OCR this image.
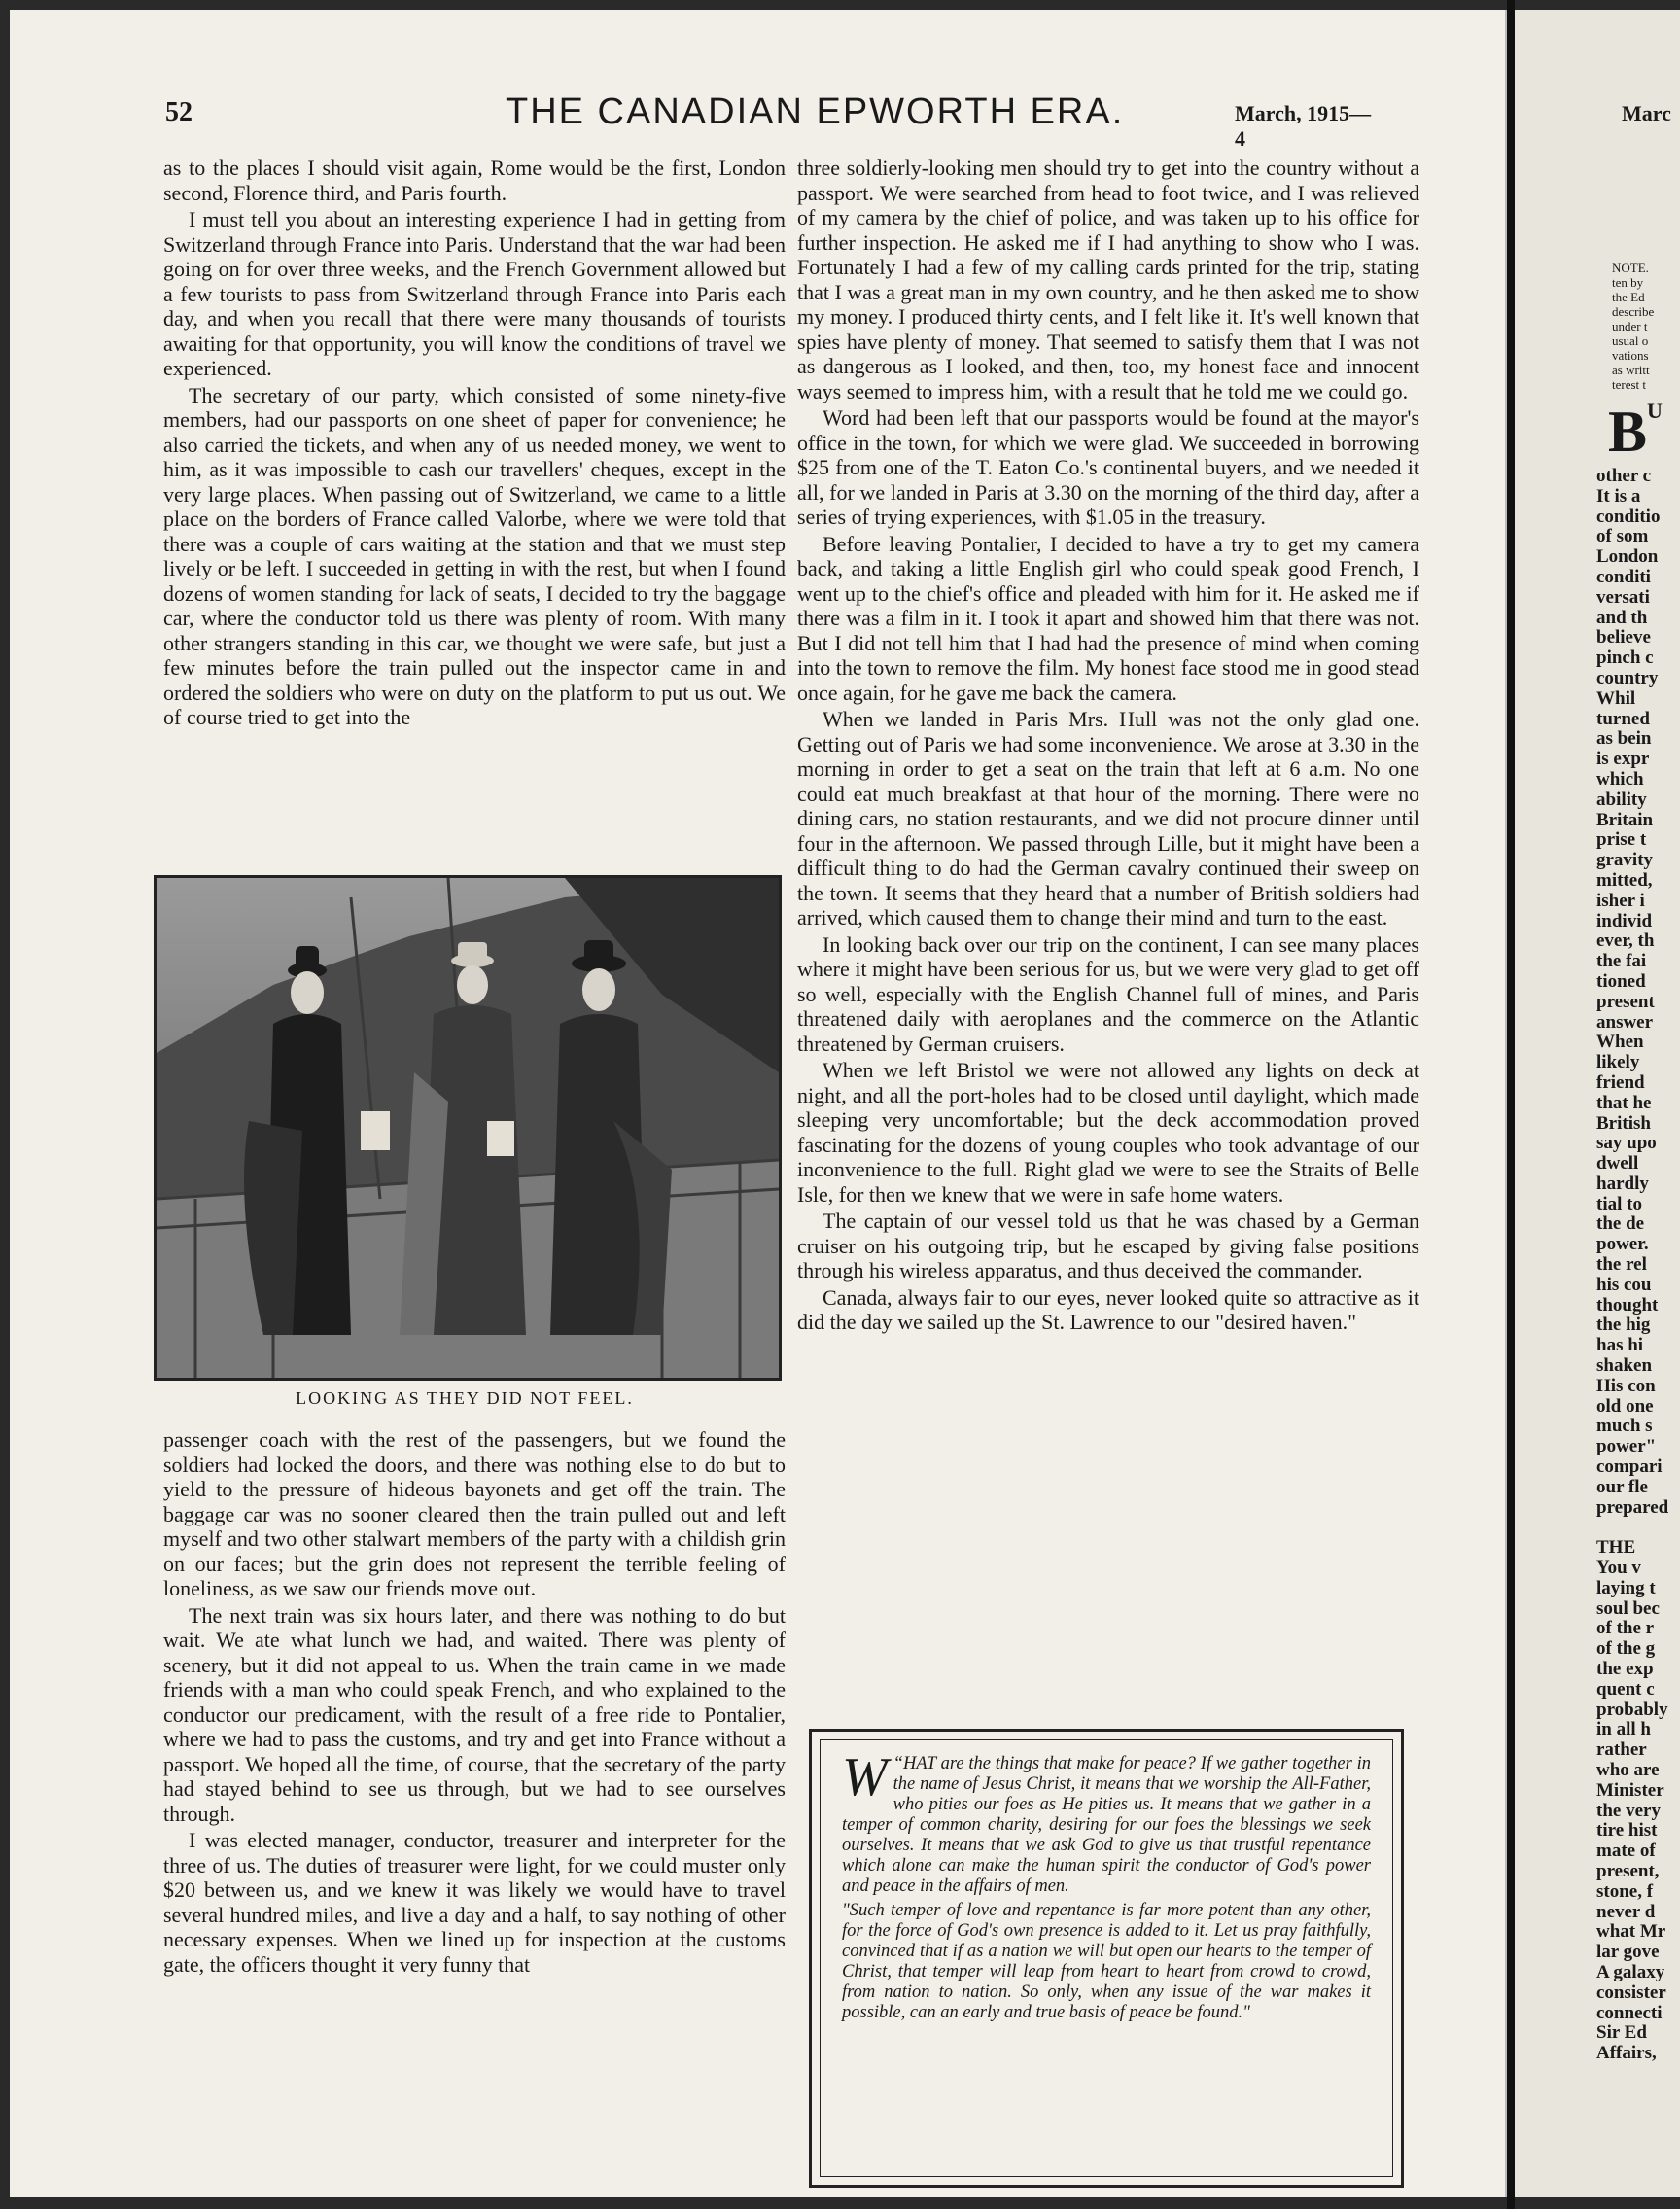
52	THE CANADIAN EPWORTH ERA.	March, 1915—4

as to the places I should visit again, Rome would be the first, London second, Florence third, and Paris fourth.

I must tell you about an interesting experience I had in getting from Switzerland through France into Paris. Understand that the war had been going on for over three weeks, and the French Government allowed but a few tourists to pass from Switzerland through France into Paris each day, and when you recall that there were many thousands of tourists awaiting for that opportunity, you will know the conditions of travel we experienced.

The secretary of our party, which consisted of some ninety-five members, had our passports on one sheet of paper for convenience; he also carried the tickets, and when any of us needed money, we went to him, as it was impossible to cash our travellers' cheques, except in the very large places. When passing out of Switzerland, we came to a little place on the borders of France called Valorbe, where we were told that there was a couple of cars waiting at the station and that we must step lively or be left. I succeeded in getting in with the rest, but when I found dozens of women standing for lack of seats, I decided to try the baggage car, where the conductor told us there was plenty of room. With many other strangers standing in this car, we thought we were safe, but just a few minutes before the train pulled out the inspector came in and ordered the soldiers who were on duty on the platform to put us out. We of course tried to get into the

LOOKING AS THEY DID NOT FEEL.

passenger coach with the rest of the passengers, but we found the soldiers had locked the doors, and there was nothing else to do but to yield to the pressure of hideous bayonets and get off the train. The baggage car was no sooner cleared then the train pulled out and left myself and two other stalwart members of the party with a childish grin on our faces; but the grin does not represent the terrible feeling of loneliness, as we saw our friends move out.

The next train was six hours later, and there was nothing to do but wait. We ate what lunch we had, and waited. There was plenty of scenery, but it did not appeal to us. When the train came in we made friends with a man who could speak French, and who explained to the conductor our predicament, with the result of a free ride to Pontalier, where we had to pass the customs, and try and get into France without a passport. We hoped all the time, of course, that the secretary of the party had stayed behind to see us through, but we had to see ourselves through.

I was elected manager, conductor, treasurer and interpreter for the three of us. The duties of treasurer were light, for we could muster only $20 between us, and we knew it was likely we would have to travel several hundred miles, and live a day and a half, to say nothing of other necessary expenses. When we lined up for inspection at the customs gate, the officers thought it very funny that

three soldierly-looking men should try to get into the country without a passport. We were searched from head to foot twice, and I was relieved of my camera by the chief of police, and was taken up to his office for further inspection. He asked me if I had anything to show who I was. Fortunately I had a few of my calling cards printed for the trip, stating that I was a great man in my own country, and he then asked me to show my money. I produced thirty cents, and I felt like it. It's well known that spies have plenty of money. That seemed to satisfy them that I was not as dangerous as I looked, and then, too, my honest face and innocent ways seemed to impress him, with a result that he told me we could go.

Word had been left that our passports would be found at the mayor's office in the town, for which we were glad. We succeeded in borrowing $25 from one of the T. Eaton Co.'s continental buyers, and we needed it all, for we landed in Paris at 3.30 on the morning of the third day, after a series of trying experiences, with $1.05 in the treasury.

Before leaving Pontalier, I decided to have a try to get my camera back, and taking a little English girl who could speak good French, I went up to the chief's office and pleaded with him for it. He asked me if there was a film in it. I took it apart and showed him that there was not. But I did not tell him that I had had the presence of mind when coming into the town to remove the film. My honest face stood me in good stead once again, for he gave me back the camera.

When we landed in Paris Mrs. Hull was not the only glad one. Getting out of Paris we had some inconvenience. We arose at 3.30 in the morning in order to get a seat on the train that left at 6 a.m. No one could eat much breakfast at that hour of the morning. There were no dining cars, no station restaurants, and we did not procure dinner until four in the afternoon. We passed through Lille, but it might have been a difficult thing to do had the German cavalry continued their sweep on the town. It seems that they heard that a number of British soldiers had arrived, which caused them to change their mind and turn to the east.

In looking back over our trip on the continent, I can see many places where it might have been serious for us, but we were very glad to get off so well, especially with the English Channel full of mines, and Paris threatened daily with aeroplanes and the commerce on the Atlantic threatened by German cruisers.

When we left Bristol we were not allowed any lights on deck at night, and all the port-holes had to be closed until daylight, which made sleeping very uncomfortable; but the deck accommodation proved fascinating for the dozens of young couples who took advantage of our inconvenience to the full. Right glad we were to see the Straits of Belle Isle, for then we knew that we were in safe home waters.

The captain of our vessel told us that he was chased by a German cruiser on his outgoing trip, but he escaped by giving false positions through his wireless apparatus, and thus deceived the commander.

Canada, always fair to our eyes, never looked quite so attractive as it did the day we sailed up the St. Lawrence to our "desired haven."

“
W HAT are the things that make for peace? If we gather together in the name of Jesus Christ, it means that we worship the All-Father, who pities our foes as He pities us. It means that we gather in a temper of common charity, desiring for our foes the blessings we seek ourselves. It means that we ask God to give us that trustful repentance which alone can make the human spirit the conductor of God's power and peace in the affairs of men.

"Such temper of love and repentance is far more potent than any other, for the force of God's own presence is added to it. Let us pray faithfully, convinced that if as a nation we will but open our hearts to the temper of Christ, that temper will leap from heart to heart from crowd to crowd, from nation to nation. So only, when any issue of the war makes it possible, can an early and true basis of peace be found."

Marc
NOTE.
ten by
the Ed
describe
under t
usual o
vations
as writt
terest t
$B^U$
other c
It is a
conditio
of som
London
conditi
versati
and th
believe
pinch c
country
Whil
turned
as bein
is expr
which
ability
Britain
prise t
gravity
mitted,
isher i
individ
ever, th
the fai
tioned
present
answer
When
likely
friend
that he
British
say upo
dwell
hardly
tial to
the de
power.
the rel
his cou
thought
the hig
has hi
shaken
His con
old one
much s
power"
compari
our fle
prepared
THE
You v
laying t
soul bec
of the r
of the g
the exp
quent c
probably
in all h
rather
who are
Minister
the very
tire hist
mate of
present,
stone, f
never d
what Mr
lar gove
A galaxy
consister
connecti
Sir Ed
Affairs,
